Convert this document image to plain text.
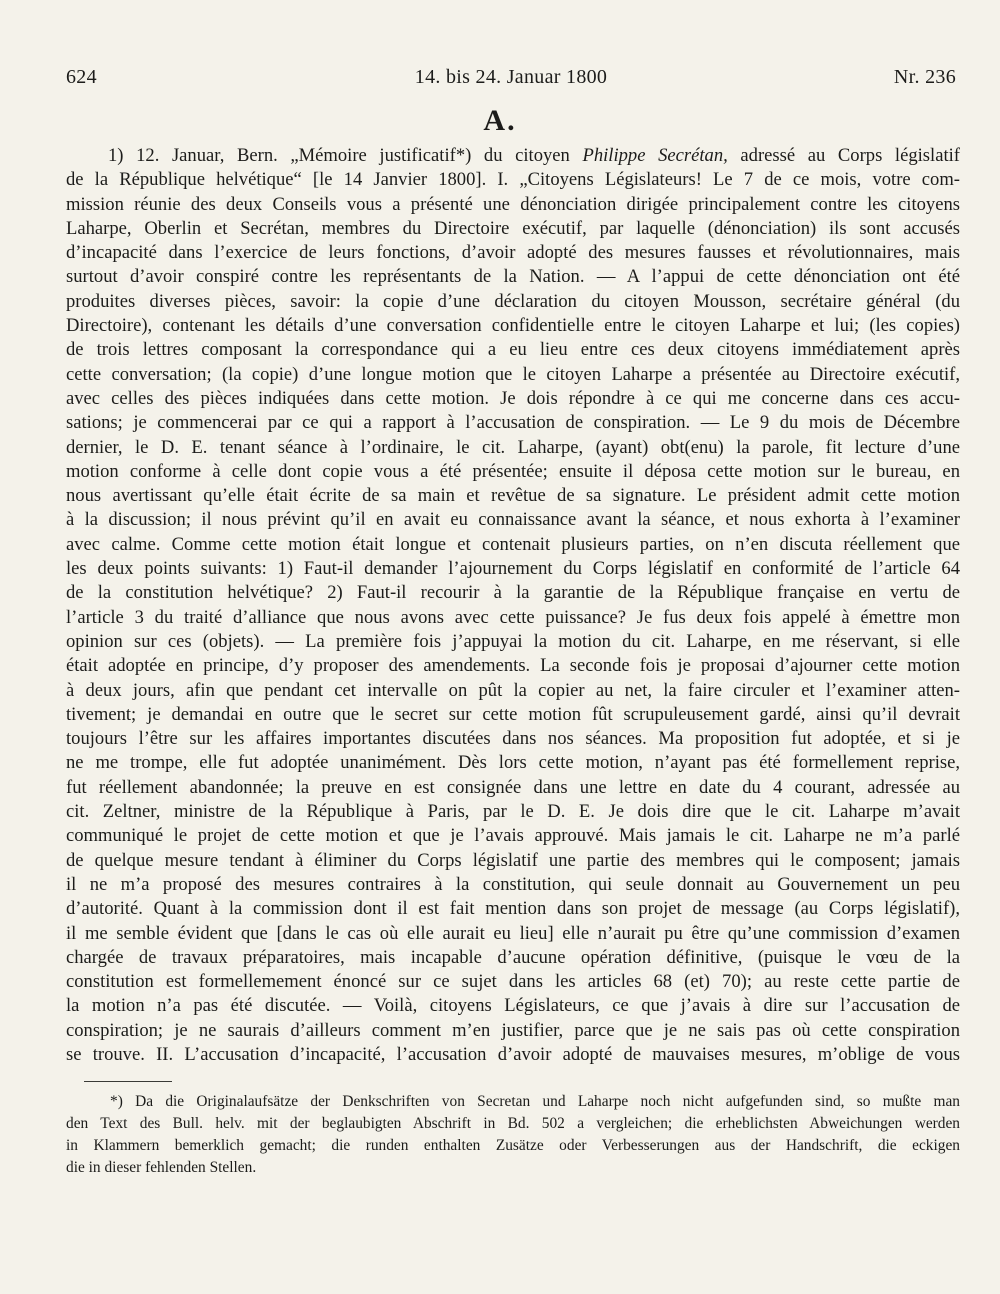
624	14. bis 24. Januar 1800	Nr. 236
A.
1) 12. Januar, Bern. „Mémoire justificatif*) du citoyen Philippe Secrétan, adressé au Corps législatif
de la République helvétique“ [le 14 Janvier 1800]. I. „Citoyens Législateurs! Le 7 de ce mois, votre com-
mission réunie des deux Conseils vous a présenté une dénonciation dirigée principalement contre les citoyens
Laharpe, Oberlin et Secrétan, membres du Directoire exécutif, par laquelle (dénonciation) ils sont accusés
d’incapacité dans l’exercice de leurs fonctions, d’avoir adopté des mesures fausses et révolutionnaires, mais
surtout d’avoir conspiré contre les représentants de la Nation. — A l’appui de cette dénonciation ont été
produites diverses pièces, savoir: la copie d’une déclaration du citoyen Mousson, secrétaire général (du
Directoire), contenant les détails d’une conversation confidentielle entre le citoyen Laharpe et lui; (les copies)
de trois lettres composant la correspondance qui a eu lieu entre ces deux citoyens immédiatement après
cette conversation; (la copie) d’une longue motion que le citoyen Laharpe a présentée au Directoire exécutif,
avec celles des pièces indiquées dans cette motion. Je dois répondre à ce qui me concerne dans ces accu-
sations; je commencerai par ce qui a rapport à l’accusation de conspiration. — Le 9 du mois de Décembre
dernier, le D. E. tenant séance à l’ordinaire, le cit. Laharpe, (ayant) obt(enu) la parole, fit lecture d’une
motion conforme à celle dont copie vous a été présentée; ensuite il déposa cette motion sur le bureau, en
nous avertissant qu’elle était écrite de sa main et revêtue de sa signature. Le président admit cette motion
à la discussion; il nous prévint qu’il en avait eu connaissance avant la séance, et nous exhorta à l’examiner
avec calme. Comme cette motion était longue et contenait plusieurs parties, on n’en discuta réellement que
les deux points suivants: 1) Faut-il demander l’ajournement du Corps législatif en conformité de l’article 64
de la constitution helvétique? 2) Faut-il recourir à la garantie de la République française en vertu de
l’article 3 du traité d’alliance que nous avons avec cette puissance? Je fus deux fois appelé à émettre mon
opinion sur ces (objets). — La première fois j’appuyai la motion du cit. Laharpe, en me réservant, si elle
était adoptée en principe, d’y proposer des amendements. La seconde fois je proposai d’ajourner cette motion
à deux jours, afin que pendant cet intervalle on pût la copier au net, la faire circuler et l’examiner atten-
tivement; je demandai en outre que le secret sur cette motion fût scrupuleusement gardé, ainsi qu’il devrait
toujours l’être sur les affaires importantes discutées dans nos séances. Ma proposition fut adoptée, et si je
ne me trompe, elle fut adoptée unanimément. Dès lors cette motion, n’ayant pas été formellement reprise,
fut réellement abandonnée; la preuve en est consignée dans une lettre en date du 4 courant, adressée au
cit. Zeltner, ministre de la République à Paris, par le D. E. Je dois dire que le cit. Laharpe m’avait
communiqué le projet de cette motion et que je l’avais approuvé. Mais jamais le cit. Laharpe ne m’a parlé
de quelque mesure tendant à éliminer du Corps législatif une partie des membres qui le composent; jamais
il ne m’a proposé des mesures contraires à la constitution, qui seule donnait au Gouvernement un peu
d’autorité. Quant à la commission dont il est fait mention dans son projet de message (au Corps législatif),
il me semble évident que [dans le cas où elle aurait eu lieu] elle n’aurait pu être qu’une commission d’examen
chargée de travaux préparatoires, mais incapable d’aucune opération définitive, (puisque le vœu de la
constitution est formellemement énoncé sur ce sujet dans les articles 68 (et) 70); au reste cette partie de
la motion n’a pas été discutée. — Voilà, citoyens Législateurs, ce que j’avais à dire sur l’accusation de
conspiration; je ne saurais d’ailleurs comment m’en justifier, parce que je ne sais pas où cette conspiration
se trouve. II. L’accusation d’incapacité, l’accusation d’avoir adopté de mauvaises mesures, m’oblige de vous
*) Da die Originalaufsätze der Denkschriften von Secretan und Laharpe noch nicht aufgefunden sind, so mußte man
den Text des Bull. helv. mit der beglaubigten Abschrift in Bd. 502 a vergleichen; die erheblichsten Abweichungen werden
in Klammern bemerklich gemacht; die runden enthalten Zusätze oder Verbesserungen aus der Handschrift, die eckigen
die in dieser fehlenden Stellen.
